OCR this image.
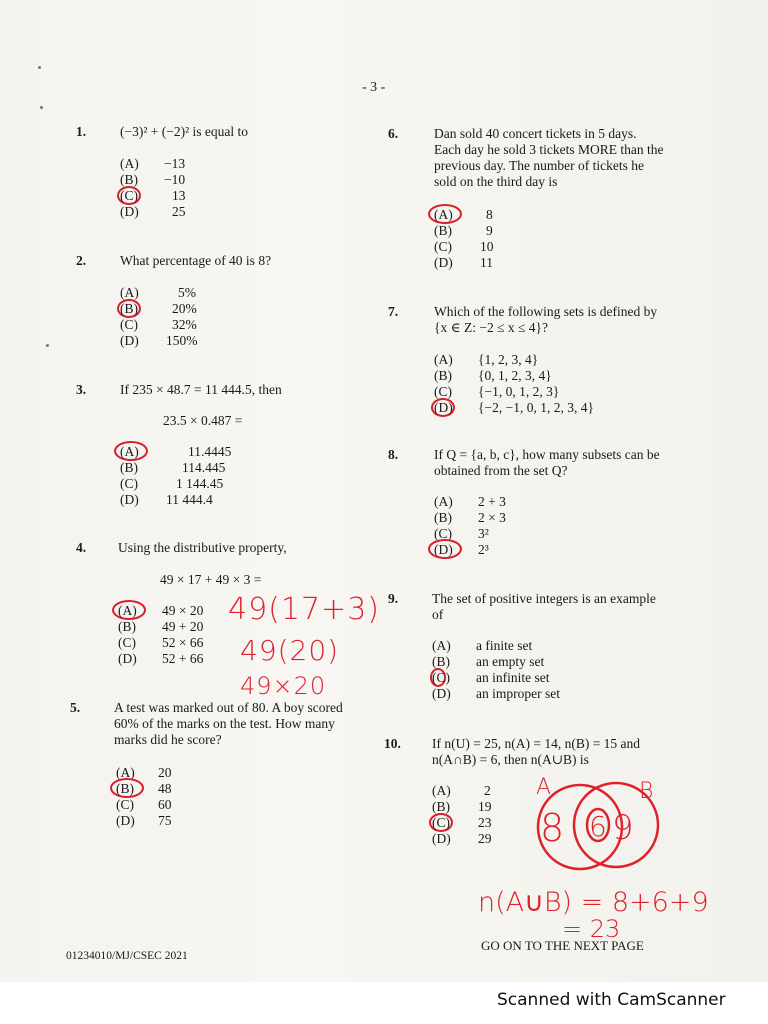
- 3 -
1.	(−3)² + (−2)² is equal to
(A)	−13
(B)	−10
(C)	13
(D)	25
2.	What percentage of 40 is 8?
(A)	5%
(B)	20%
(C)	32%
(D)	150%
3.	If 235 × 48.7 = 11 444.5, then
23.5 × 0.487 =
(A)	11.4445
(B)	114.445
(C)	1 144.45
(D)	11 444.4
4. Using the distributive property,
49 × 17 + 49 × 3 =
(A)	49 × 20
(B)	49 + 20
(C)	52 × 66
(D)	52 + 66
5.	A test was marked out of 80. A boy scored
60% of the marks on the test. How many
marks did he score?
(A)	20
(B)	48
(C)	60
(D)	75
6.	Dan sold 40 concert tickets in 5 days.
Each day he sold 3 tickets MORE than the
previous day. The number of tickets he
sold on the third day is
(A)	8
(B)	9
(C)	10
(D)	11
7.	Which of the following sets is defined by
{x ∈ Z: −2 ≤ x ≤ 4}?
(A)	{1, 2, 3, 4}
(B)	{0, 1, 2, 3, 4}
(C)	{−1, 0, 1, 2, 3}
(D)	{−2, −1, 0, 1, 2, 3, 4}
8.	If Q = {a, b, c}, how many subsets can be
obtained from the set Q?
(A)	2 + 3
(B)	2 × 3
(C)	3²
(D)	2³
9.	The set of positive integers is an example
of
(A)	a finite set
(B)	an empty set
(C)	an infinite set
(D)	an improper set
10. If n(U) = 25, n(A) = 14, n(B) = 15 and
n(A∩B) = 6, then n(A∪B) is
(A)	2
(B)	19
(C)	23
(D)	29
49(17+3)
49(20)
49×20
A	B
8 6 9
n(A∪B) = 8+6+9
= 23
GO ON TO THE NEXT PAGE
01234010/MJ/CSEC 2021
Scanned with CamScanner
